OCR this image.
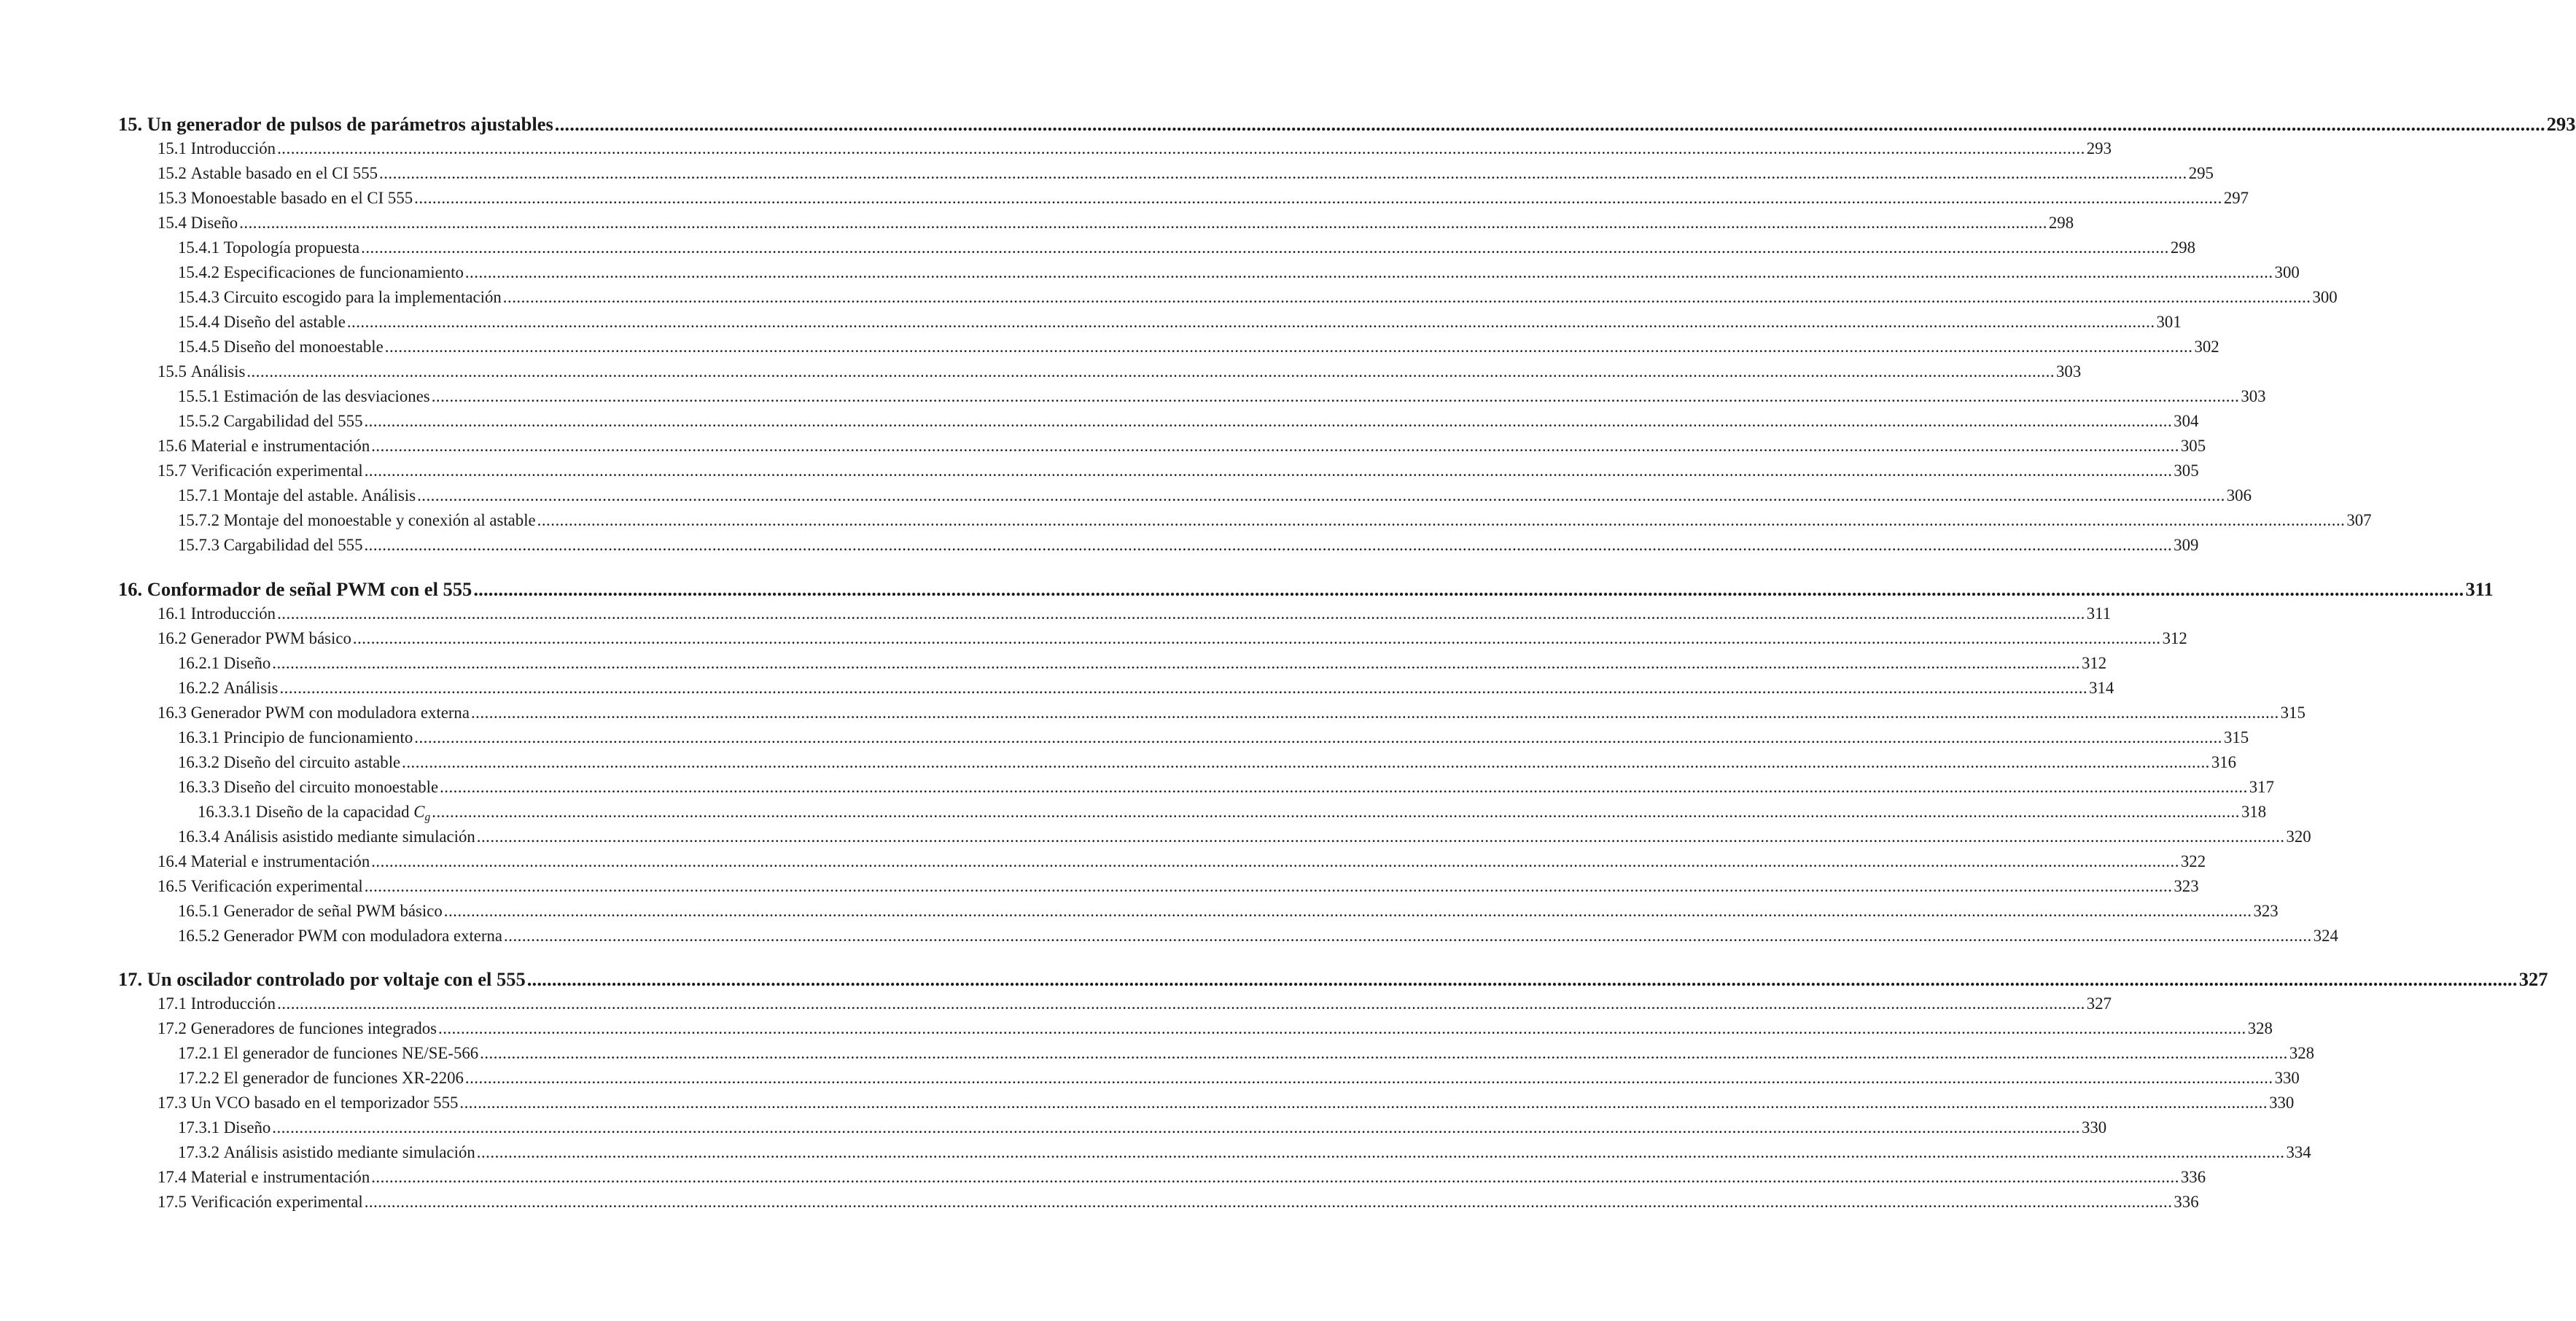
15. Un generador de pulsos de parámetros ajustables ................................................................................................................................................................................................................................................................................................................................................................................................................ 293
15.1 Introducción ................................................................................................................................................................................................................................................................................................................................................................................................................ 293
15.2 Astable basado en el CI 555 ................................................................................................................................................................................................................................................................................................................................................................................................................ 295
15.3 Monoestable basado en el CI 555 ................................................................................................................................................................................................................................................................................................................................................................................................................ 297
15.4 Diseño ................................................................................................................................................................................................................................................................................................................................................................................................................ 298
15.4.1 Topología propuesta ................................................................................................................................................................................................................................................................................................................................................................................................................ 298
15.4.2 Especificaciones de funcionamiento ................................................................................................................................................................................................................................................................................................................................................................................................................ 300
15.4.3 Circuito escogido para la implementación ................................................................................................................................................................................................................................................................................................................................................................................................................ 300
15.4.4 Diseño del astable ................................................................................................................................................................................................................................................................................................................................................................................................................ 301
15.4.5 Diseño del monoestable ................................................................................................................................................................................................................................................................................................................................................................................................................ 302
15.5 Análisis ................................................................................................................................................................................................................................................................................................................................................................................................................ 303
15.5.1 Estimación de las desviaciones ................................................................................................................................................................................................................................................................................................................................................................................................................ 303
15.5.2 Cargabilidad del 555 ................................................................................................................................................................................................................................................................................................................................................................................................................ 304
15.6 Material e instrumentación ................................................................................................................................................................................................................................................................................................................................................................................................................ 305
15.7 Verificación experimental ................................................................................................................................................................................................................................................................................................................................................................................................................ 305
15.7.1 Montaje del astable. Análisis ................................................................................................................................................................................................................................................................................................................................................................................................................ 306
15.7.2 Montaje del monoestable y conexión al astable ................................................................................................................................................................................................................................................................................................................................................................................................................ 307
15.7.3 Cargabilidad del 555 ................................................................................................................................................................................................................................................................................................................................................................................................................ 309
16. Conformador de señal PWM con el 555 ................................................................................................................................................................................................................................................................................................................................................................................................................ 311
16.1 Introducción ................................................................................................................................................................................................................................................................................................................................................................................................................ 311
16.2 Generador PWM básico ................................................................................................................................................................................................................................................................................................................................................................................................................ 312
16.2.1 Diseño ................................................................................................................................................................................................................................................................................................................................................................................................................ 312
16.2.2 Análisis ................................................................................................................................................................................................................................................................................................................................................................................................................ 314
16.3 Generador PWM con moduladora externa ................................................................................................................................................................................................................................................................................................................................................................................................................ 315
16.3.1 Principio de funcionamiento ................................................................................................................................................................................................................................................................................................................................................................................................................ 315
16.3.2 Diseño del circuito astable ................................................................................................................................................................................................................................................................................................................................................................................................................ 316
16.3.3 Diseño del circuito monoestable ................................................................................................................................................................................................................................................................................................................................................................................................................ 317
16.3.3.1 Diseño de la capacidad $C_g$ ................................................................................................................................................................................................................................................................................................................................................................................................................ 318
16.3.4 Análisis asistido mediante simulación ................................................................................................................................................................................................................................................................................................................................................................................................................ 320
16.4 Material e instrumentación ................................................................................................................................................................................................................................................................................................................................................................................................................ 322
16.5 Verificación experimental ................................................................................................................................................................................................................................................................................................................................................................................................................ 323
16.5.1 Generador de señal PWM básico ................................................................................................................................................................................................................................................................................................................................................................................................................ 323
16.5.2 Generador PWM con moduladora externa ................................................................................................................................................................................................................................................................................................................................................................................................................ 324
17. Un oscilador controlado por voltaje con el 555 ................................................................................................................................................................................................................................................................................................................................................................................................................ 327
17.1 Introducción ................................................................................................................................................................................................................................................................................................................................................................................................................ 327
17.2 Generadores de funciones integrados ................................................................................................................................................................................................................................................................................................................................................................................................................ 328
17.2.1 El generador de funciones NE/SE-566 ................................................................................................................................................................................................................................................................................................................................................................................................................ 328
17.2.2 El generador de funciones XR-2206 ................................................................................................................................................................................................................................................................................................................................................................................................................ 330
17.3 Un VCO basado en el temporizador 555 ................................................................................................................................................................................................................................................................................................................................................................................................................ 330
17.3.1 Diseño ................................................................................................................................................................................................................................................................................................................................................................................................................ 330
17.3.2 Análisis asistido mediante simulación ................................................................................................................................................................................................................................................................................................................................................................................................................ 334
17.4 Material e instrumentación ................................................................................................................................................................................................................................................................................................................................................................................................................ 336
17.5 Verificación experimental ................................................................................................................................................................................................................................................................................................................................................................................................................ 336
